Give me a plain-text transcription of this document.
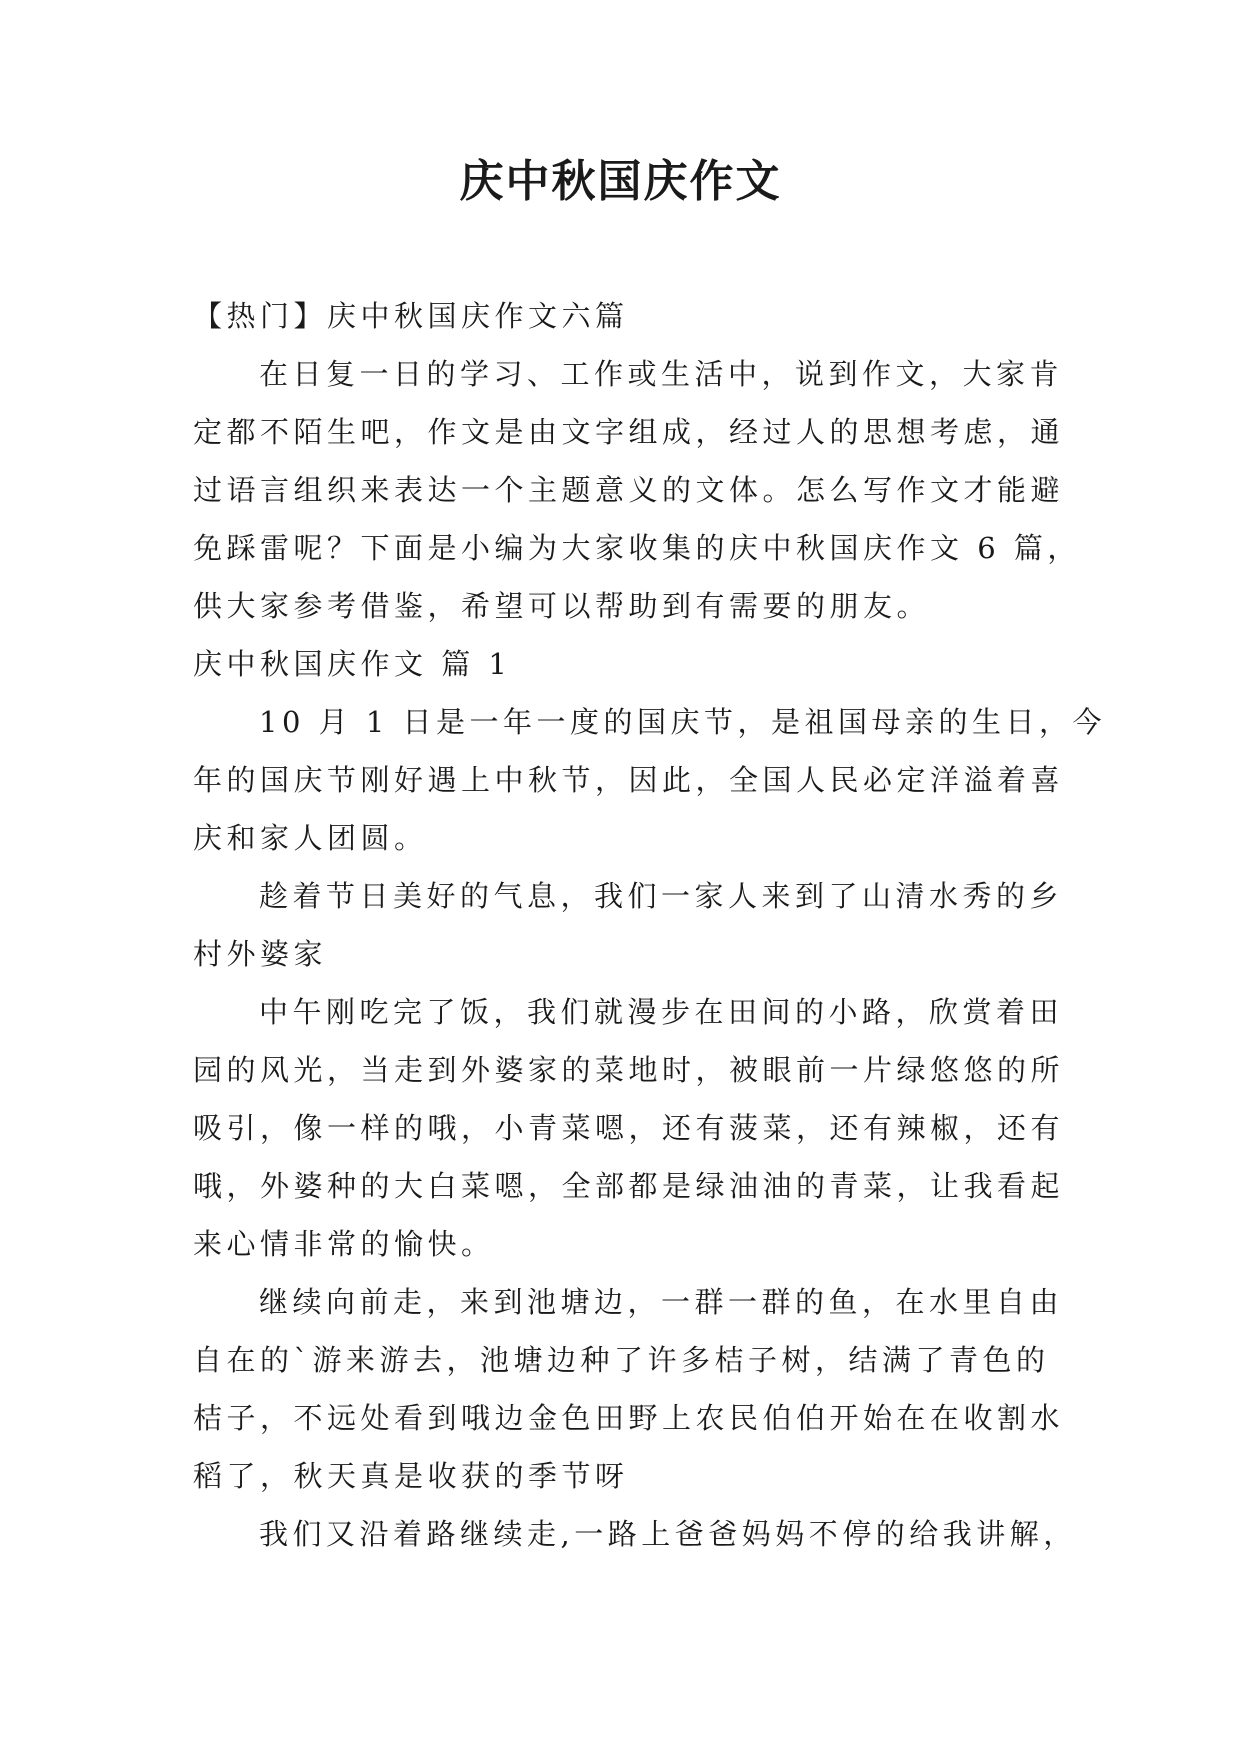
庆中秋国庆作文
【热门】庆中秋国庆作文六篇
在日复一日的学习、工作或生活中，说到作文，大家肯
定都不陌生吧，作文是由文字组成，经过人的思想考虑，通
过语言组织来表达一个主题意义的文体。怎么写作文才能避
免踩雷呢？下面是小编为大家收集的庆中秋国庆作文 6 篇，
供大家参考借鉴，希望可以帮助到有需要的朋友。
庆中秋国庆作文 篇 1
10 月 1 日是一年一度的国庆节，是祖国母亲的生日，今
年的国庆节刚好遇上中秋节，因此，全国人民必定洋溢着喜
庆和家人团圆。
趁着节日美好的气息，我们一家人来到了山清水秀的乡
村外婆家
中午刚吃完了饭，我们就漫步在田间的小路，欣赏着田
园的风光，当走到外婆家的菜地时，被眼前一片绿悠悠的所
吸引，像一样的哦，小青菜嗯，还有菠菜，还有辣椒，还有
哦，外婆种的大白菜嗯，全部都是绿油油的青菜，让我看起
来心情非常的愉快。
继续向前走，来到池塘边，一群一群的鱼，在水里自由
自在的`游来游去，池塘边种了许多桔子树，结满了青色的
桔子，不远处看到哦边金色田野上农民伯伯开始在在收割水
稻了，秋天真是收获的季节呀
我们又沿着路继续走,一路上爸爸妈妈不停的给我讲解，
